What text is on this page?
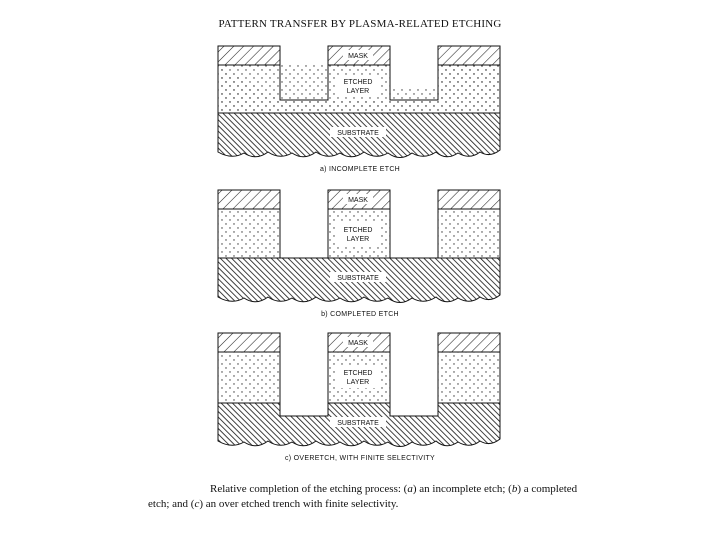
PATTERN TRANSFER BY PLASMA-RELATED ETCHING
MASK
ETCHED
LAYER
SUBSTRATE
a) INCOMPLETE ETCH
MASK
ETCHED
LAYER
SUBSTRATE
b) COMPLETED ETCH
MASK
ETCHED
LAYER
SUBSTRATE
c) OVERETCH, WITH FINITE SELECTIVITY

Relative completion of the etching process: (a) an incomplete etch; (b) a completed etch; and (c) an over etched trench with finite selectivity.
